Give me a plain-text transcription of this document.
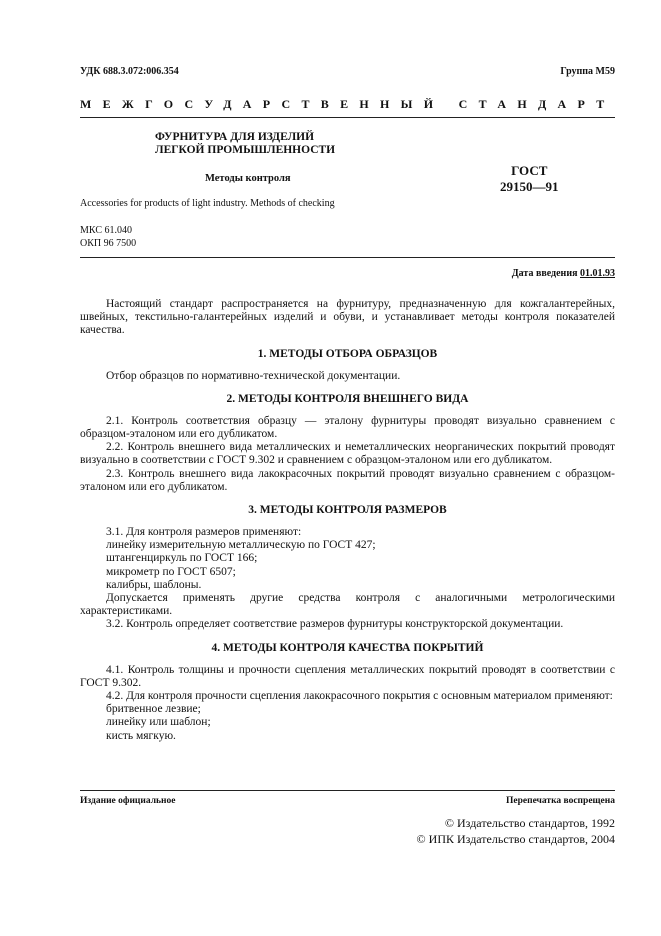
УДК 688.3.072:006.354	Группа М59
МЕЖГОСУДАРСТВЕННЫЙ СТАНДАРТ
ФУРНИТУРА ДЛЯ ИЗДЕЛИЙ
ЛЕГКОЙ ПРОМЫШЛЕННОСТИ
Методы контроля
ГОСТ
29150—91
Accessories for products of light industry. Methods of checking
МКС 61.040
ОКП 96 7500
Дата введения 01.01.93

Настоящий стандарт распространяется на фурнитуру, предназначенную для кожгалантерейных, швейных, текстильно-галантерейных изделий и обуви, и устанавливает методы контроля показателей качества.

1. МЕТОДЫ ОТБОРА ОБРАЗЦОВ

Отбор образцов по нормативно-технической документации.

2. МЕТОДЫ КОНТРОЛЯ ВНЕШНЕГО ВИДА

2.1. Контроль соответствия образцу — эталону фурнитуры проводят визуально сравнением с образцом-эталоном или его дубликатом.

2.2. Контроль внешнего вида металлических и неметаллических неорганических покрытий проводят визуально в соответствии с ГОСТ 9.302 и сравнением с образцом-эталоном или его дубликатом.

2.3. Контроль внешнего вида лакокрасочных покрытий проводят визуально сравнением с образцом-эталоном или его дубликатом.

3. МЕТОДЫ КОНТРОЛЯ РАЗМЕРОВ

3.1. Для контроля размеров применяют:

линейку измерительную металлическую по ГОСТ 427;

штангенциркуль по ГОСТ 166;

микрометр по ГОСТ 6507;

калибры, шаблоны.

Допускается применять другие средства контроля с аналогичными метрологическими характеристиками.

3.2. Контроль определяет соответствие размеров фурнитуры конструкторской документации.

4. МЕТОДЫ КОНТРОЛЯ КАЧЕСТВА ПОКРЫТИЙ

4.1. Контроль толщины и прочности сцепления металлических покрытий проводят в соответствии с ГОСТ 9.302.

4.2. Для контроля прочности сцепления лакокрасочного покрытия с основным материалом применяют:

бритвенное лезвие;

линейку или шаблон;

кисть мягкую.

Издание официальное	Перепечатка воспрещена
© Издательство стандартов, 1992
© ИПК Издательство стандартов, 2004
